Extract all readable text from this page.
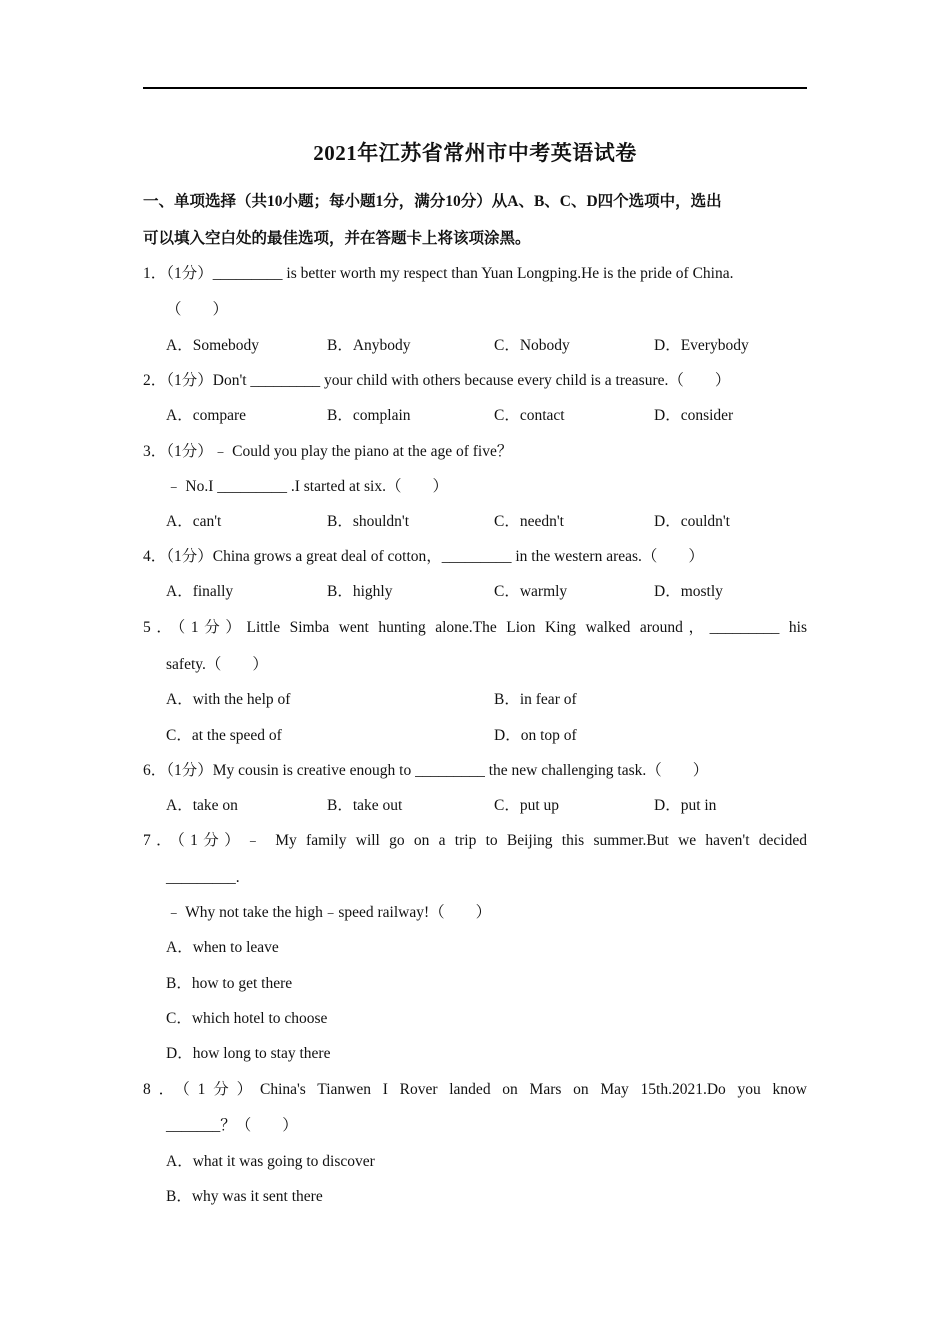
2021年江苏省常州市中考英语试卷
一、单项选择（共10小题；每小题1分，满分10分）从A、B、C、D四个选项中，选出
可以填入空白处的最佳选项，并在答题卡上将该项涂黑。
1．（1分）_________ is better worth my respect than Yuan Longping.He is the pride of China.
（　　）
A．Somebody	B．Anybody	C．Nobody	D．Everybody
2．（1分）Don't _________ your child with others because every child is a treasure.（　　）
A．compare	B．complain	C．contact	D．consider
3．（1分）﹣ Could you play the piano at the age of five？
﹣ No.I _________ .I started at six.（　　）
A．can't	B．shouldn't	C．needn't	D．couldn't
4．（1分）China grows a great deal of cotton，_________ in the western areas.（　　）
A．finally	B．highly	C．warmly	D．mostly
5．（1分）Little Simba went hunting alone.The Lion King walked around，_________ his
safety.（　　）
A．with the help of	B．in fear of
C．at the speed of	D．on top of
6．（1分）My cousin is creative enough to _________ the new challenging task.（　　）
A．take on	B．take out	C．put up	D．put in
7．（1分）﹣ My family will go on a trip to Beijing this summer.But we haven't decided
_________.
﹣ Why not take the high﹣speed railway!（　　）
A．when to leave
B．how to get there
C．which hotel to choose
D．how long to stay there
8．（1分）China's Tianwen I Rover landed on Mars on May 15th.2021.Do you know
_______？（　　）
A．what it was going to discover
B．why was it sent there
